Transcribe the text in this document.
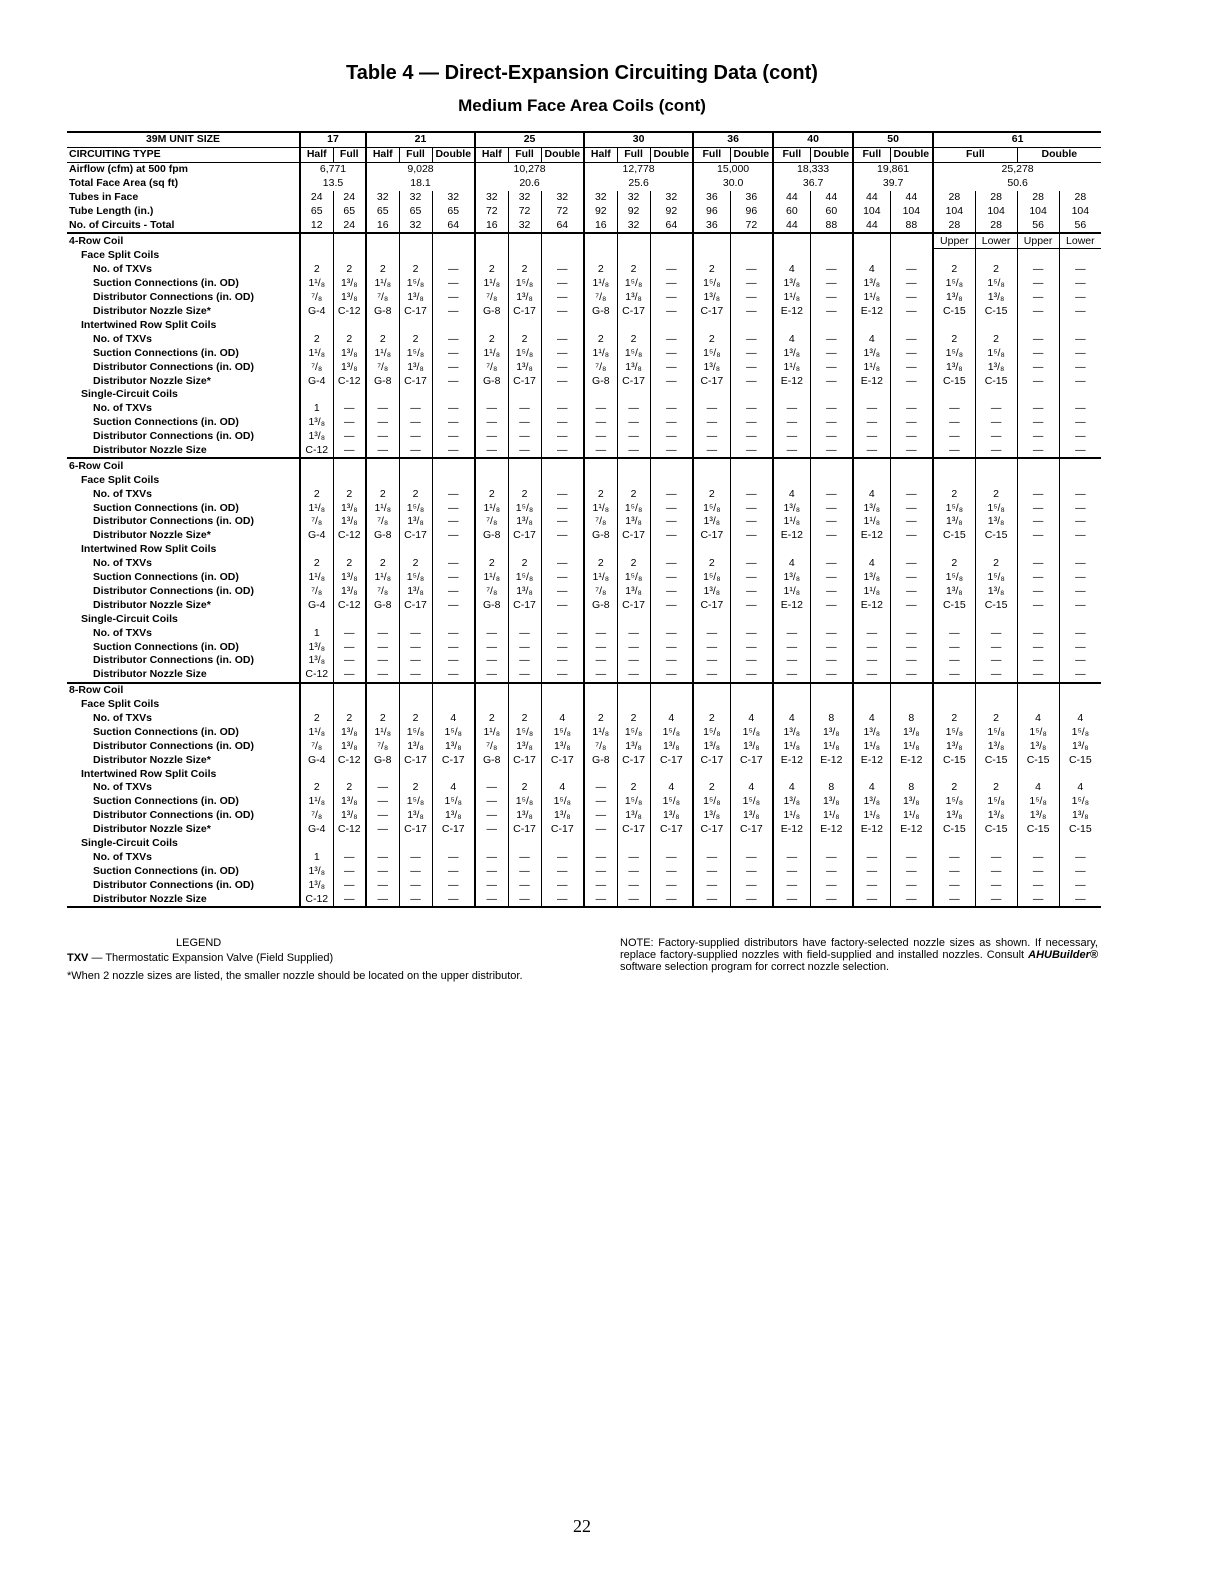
Table 4 — Direct-Expansion Circuiting Data (cont)
Medium Face Area Coils (cont)
39M UNIT SIZE	17		21			25			30			36		40		50		61			
CIRCUITING TYPE	Half	Full	Half	Full	Double	Half	Full	Double	Half	Full	Double	Full	Double	Full	Double	Full	Double	Full		Double	
Airflow (cfm) at 500 fpm	6,771		9,028			10,278			12,778			15,000		18,333		19,861		25,278			
Total Face Area (sq ft)	13.5		18.1			20.6			25.6			30.0		36.7		39.7		50.6			
Tubes in Face	24	24	32	32	32	32	32	32	32	32	32	36	36	44	44	44	44	28	28	28	28
Tube Length (in.)	65	65	65	65	65	72	72	72	92	92	92	96	96	60	60	104	104	104	104	104	104
No. of Circuits - Total	12	24	16	32	64	16	32	64	16	32	64	36	72	44	88	44	88	28	28	56	56
4-Row Coil																		Upper	Lower	Upper	Lower
Face Split Coils																					
No. of TXVs	2	2	2	2	—	2	2	—	2	2	—	2	—	4	—	4	—	2	2	—	—
Suction Connections (in. OD)	1¹/₈	1³/₈	1¹/₈	1⁵/₈	—	1¹/₈	1⁵/₈	—	1¹/₈	1⁵/₈	—	1⁵/₈	—	1³/₈	—	1³/₈	—	1⁵/₈	1⁵/₈	—	—
Distributor Connections (in. OD)	⁷/₈	1³/₈	⁷/₈	1³/₈	—	⁷/₈	1³/₈	—	⁷/₈	1³/₈	—	1³/₈	—	1¹/₈	—	1¹/₈	—	1³/₈	1³/₈	—	—
Distributor Nozzle Size*	G-4	C-12	G-8	C-17	—	G-8	C-17	—	G-8	C-17	—	C-17	—	E-12	—	E-12	—	C-15	C-15	—	—
Intertwined Row Split Coils																					
No. of TXVs	2	2	2	2	—	2	2	—	2	2	—	2	—	4	—	4	—	2	2	—	—
Suction Connections (in. OD)	1¹/₈	1³/₈	1¹/₈	1⁵/₈	—	1¹/₈	1⁵/₈	—	1¹/₈	1⁵/₈	—	1⁵/₈	—	1³/₈	—	1³/₈	—	1⁵/₈	1⁵/₈	—	—
Distributor Connections (in. OD)	⁷/₈	1³/₈	⁷/₈	1³/₈	—	⁷/₈	1³/₈	—	⁷/₈	1³/₈	—	1³/₈	—	1¹/₈	—	1¹/₈	—	1³/₈	1³/₈	—	—
Distributor Nozzle Size*	G-4	C-12	G-8	C-17	—	G-8	C-17	—	G-8	C-17	—	C-17	—	E-12	—	E-12	—	C-15	C-15	—	—
Single-Circuit Coils																					
No. of TXVs	1	—	—	—	—	—	—	—	—	—	—	—	—	—	—	—	—	—	—	—	—
Suction Connections (in. OD)	1³/₈	—	—	—	—	—	—	—	—	—	—	—	—	—	—	—	—	—	—	—	—
Distributor Connections (in. OD)	1³/₈	—	—	—	—	—	—	—	—	—	—	—	—	—	—	—	—	—	—	—	—
Distributor Nozzle Size	C-12	—	—	—	—	—	—	—	—	—	—	—	—	—	—	—	—	—	—	—	—
6-Row Coil																					
Face Split Coils																					
No. of TXVs	2	2	2	2	—	2	2	—	2	2	—	2	—	4	—	4	—	2	2	—	—
Suction Connections (in. OD)	1¹/₈	1³/₈	1¹/₈	1⁵/₈	—	1¹/₈	1⁵/₈	—	1¹/₈	1⁵/₈	—	1⁵/₈	—	1³/₈	—	1³/₈	—	1⁵/₈	1⁵/₈	—	—
Distributor Connections (in. OD)	⁷/₈	1³/₈	⁷/₈	1³/₈	—	⁷/₈	1³/₈	—	⁷/₈	1³/₈	—	1³/₈	—	1¹/₈	—	1¹/₈	—	1³/₈	1³/₈	—	—
Distributor Nozzle Size*	G-4	C-12	G-8	C-17	—	G-8	C-17	—	G-8	C-17	—	C-17	—	E-12	—	E-12	—	C-15	C-15	—	—
Intertwined Row Split Coils																					
No. of TXVs	2	2	2	2	—	2	2	—	2	2	—	2	—	4	—	4	—	2	2	—	—
Suction Connections (in. OD)	1¹/₈	1³/₈	1¹/₈	1⁵/₈	—	1¹/₈	1⁵/₈	—	1¹/₈	1⁵/₈	—	1⁵/₈	—	1³/₈	—	1³/₈	—	1⁵/₈	1⁵/₈	—	—
Distributor Connections (in. OD)	⁷/₈	1³/₈	⁷/₈	1³/₈	—	⁷/₈	1³/₈	—	⁷/₈	1³/₈	—	1³/₈	—	1¹/₈	—	1¹/₈	—	1³/₈	1³/₈	—	—
Distributor Nozzle Size*	G-4	C-12	G-8	C-17	—	G-8	C-17	—	G-8	C-17	—	C-17	—	E-12	—	E-12	—	C-15	C-15	—	—
Single-Circuit Coils																					
No. of TXVs	1	—	—	—	—	—	—	—	—	—	—	—	—	—	—	—	—	—	—	—	—
Suction Connections (in. OD)	1³/₈	—	—	—	—	—	—	—	—	—	—	—	—	—	—	—	—	—	—	—	—
Distributor Connections (in. OD)	1³/₈	—	—	—	—	—	—	—	—	—	—	—	—	—	—	—	—	—	—	—	—
Distributor Nozzle Size	C-12	—	—	—	—	—	—	—	—	—	—	—	—	—	—	—	—	—	—	—	—
8-Row Coil																					
Face Split Coils																					
No. of TXVs	2	2	2	2	4	2	2	4	2	2	4	2	4	4	8	4	8	2	2	4	4
Suction Connections (in. OD)	1¹/₈	1³/₈	1¹/₈	1⁵/₈	1⁵/₈	1¹/₈	1⁵/₈	1⁵/₈	1¹/₈	1⁵/₈	1⁵/₈	1⁵/₈	1⁵/₈	1³/₈	1³/₈	1³/₈	1³/₈	1⁵/₈	1⁵/₈	1⁵/₈	1⁵/₈
Distributor Connections (in. OD)	⁷/₈	1³/₈	⁷/₈	1³/₈	1³/₈	⁷/₈	1³/₈	1³/₈	⁷/₈	1³/₈	1³/₈	1³/₈	1³/₈	1¹/₈	1¹/₈	1¹/₈	1¹/₈	1³/₈	1³/₈	1³/₈	1³/₈
Distributor Nozzle Size*	G-4	C-12	G-8	C-17	C-17	G-8	C-17	C-17	G-8	C-17	C-17	C-17	C-17	E-12	E-12	E-12	E-12	C-15	C-15	C-15	C-15
Intertwined Row Split Coils																					
No. of TXVs	2	2	—	2	4	—	2	4	—	2	4	2	4	4	8	4	8	2	2	4	4
Suction Connections (in. OD)	1¹/₈	1³/₈	—	1⁵/₈	1⁵/₈	—	1⁵/₈	1⁵/₈	—	1⁵/₈	1⁵/₈	1⁵/₈	1⁵/₈	1³/₈	1³/₈	1³/₈	1³/₈	1⁵/₈	1⁵/₈	1⁵/₈	1⁵/₈
Distributor Connections (in. OD)	⁷/₈	1³/₈	—	1³/₈	1³/₈	—	1³/₈	1³/₈	—	1³/₈	1³/₈	1³/₈	1³/₈	1¹/₈	1¹/₈	1¹/₈	1¹/₈	1³/₈	1³/₈	1³/₈	1³/₈
Distributor Nozzle Size*	G-4	C-12	—	C-17	C-17	—	C-17	C-17	—	C-17	C-17	C-17	C-17	E-12	E-12	E-12	E-12	C-15	C-15	C-15	C-15
Single-Circuit Coils																					
No. of TXVs	1	—	—	—	—	—	—	—	—	—	—	—	—	—	—	—	—	—	—	—	—
Suction Connections (in. OD)	1³/₈	—	—	—	—	—	—	—	—	—	—	—	—	—	—	—	—	—	—	—	—
Distributor Connections (in. OD)	1³/₈	—	—	—	—	—	—	—	—	—	—	—	—	—	—	—	—	—	—	—	—
Distributor Nozzle Size	C-12	—	—	—	—	—	—	—	—	—	—	—	—	—	—	—	—	—	—	—	—
LEGEND
TXV — Thermostatic Expansion Valve (Field Supplied)
*When 2 nozzle sizes are listed, the smaller nozzle should be located on the upper distributor.
NOTE: Factory-supplied distributors have factory-selected nozzle sizes as shown. If necessary, replace factory-supplied nozzles with field-supplied and installed nozzles. Consult AHUBuilder® software selection program for correct nozzle selection.
22
